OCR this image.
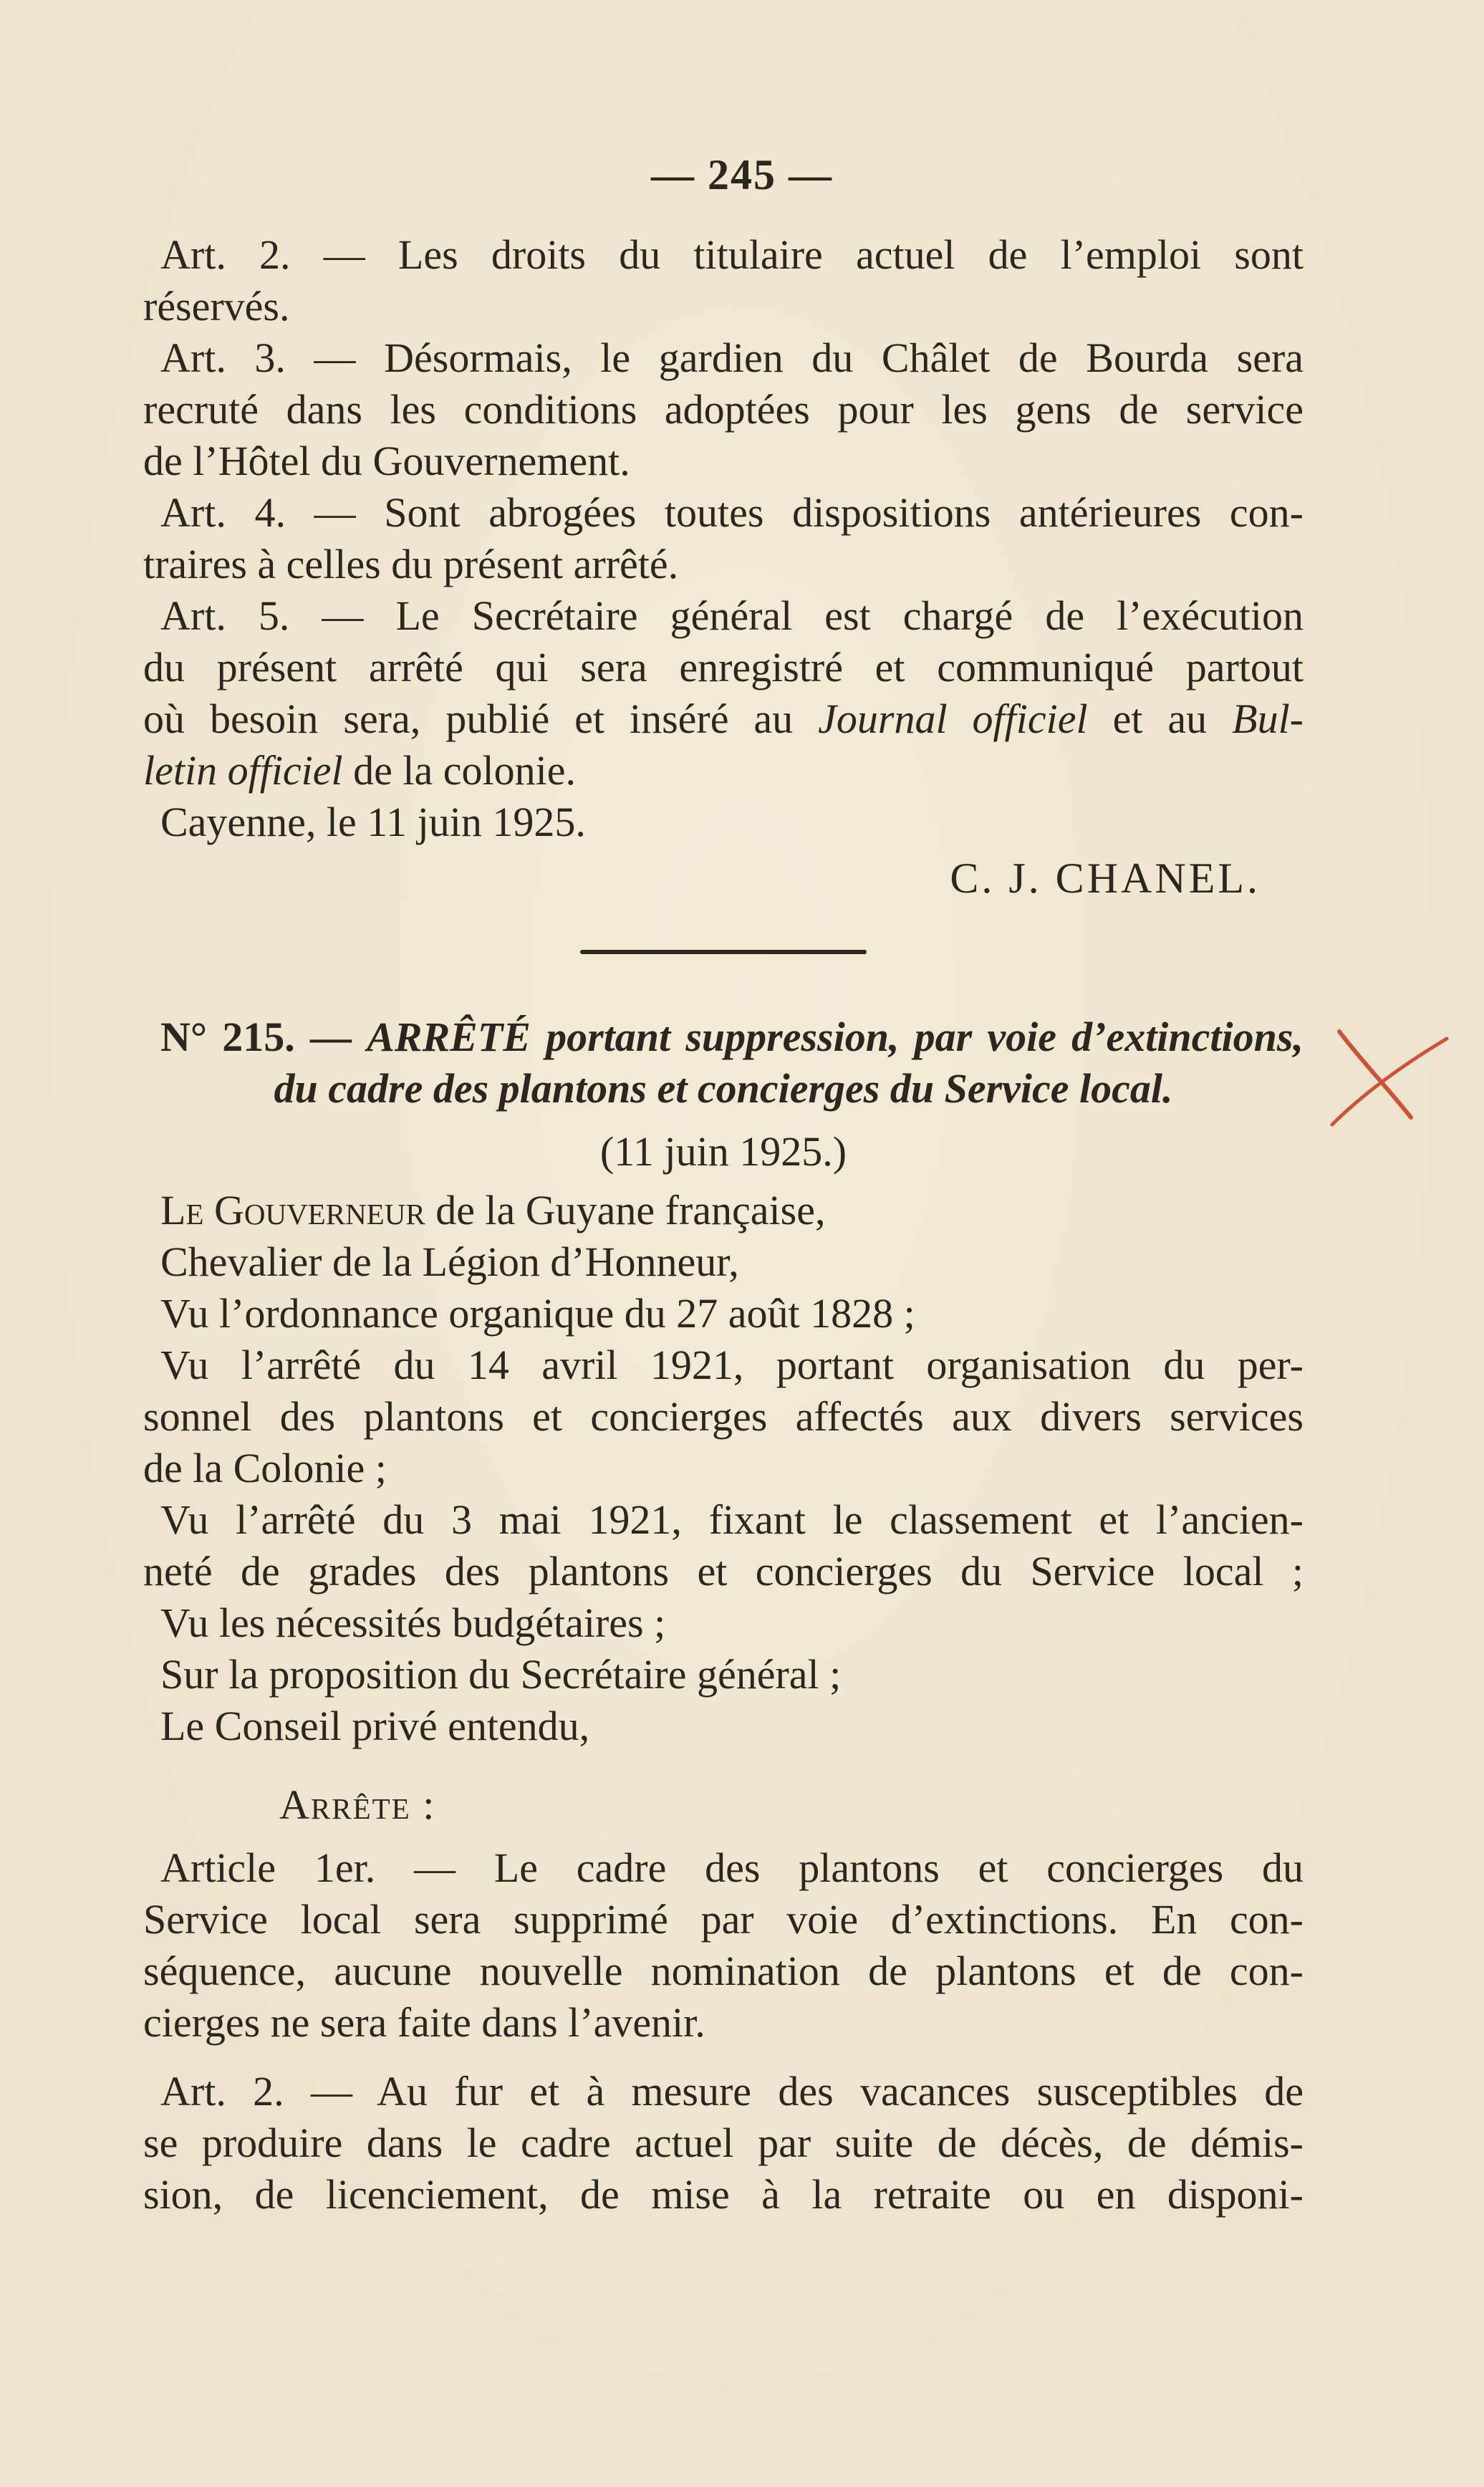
— 245 —
Art. 2. — Les droits du titulaire actuel de l’emploi sont
réservés.
Art. 3. — Désormais, le gardien du Châlet de Bourda sera
recruté dans les conditions adoptées pour les gens de service
de l’Hôtel du Gouvernement.
Art. 4. — Sont abrogées toutes dispositions antérieures con-
traires à celles du présent arrêté.
Art. 5. — Le Secrétaire général est chargé de l’exécution
du présent arrêté qui sera enregistré et communiqué partout
où besoin sera, publié et inséré au Journal officiel et au Bul-
letin officiel de la colonie.
Cayenne, le 11 juin 1925.
C. J. CHANEL.
N° 215. — ARRÊTÉ portant suppression, par voie d’extinctions,
du cadre des plantons et concierges du Service local.
(11 juin 1925.)
Le Gouverneur de la Guyane française,
Chevalier de la Légion d’Honneur,
Vu l’ordonnance organique du 27 août 1828 ;
Vu l’arrêté du 14 avril 1921, portant organisation du per-
sonnel des plantons et concierges affectés aux divers services
de la Colonie ;
Vu l’arrêté du 3 mai 1921, fixant le classement et l’ancien-
neté de grades des plantons et concierges du Service local ;
Vu les nécessités budgétaires ;
Sur la proposition du Secrétaire général ;
Le Conseil privé entendu,
Arrête :
Article 1er. — Le cadre des plantons et concierges du
Service local sera supprimé par voie d’extinctions. En con-
séquence, aucune nouvelle nomination de plantons et de con-
cierges ne sera faite dans l’avenir.
Art. 2. — Au fur et à mesure des vacances susceptibles de
se produire dans le cadre actuel par suite de décès, de démis-
sion, de licenciement, de mise à la retraite ou en disponi-
